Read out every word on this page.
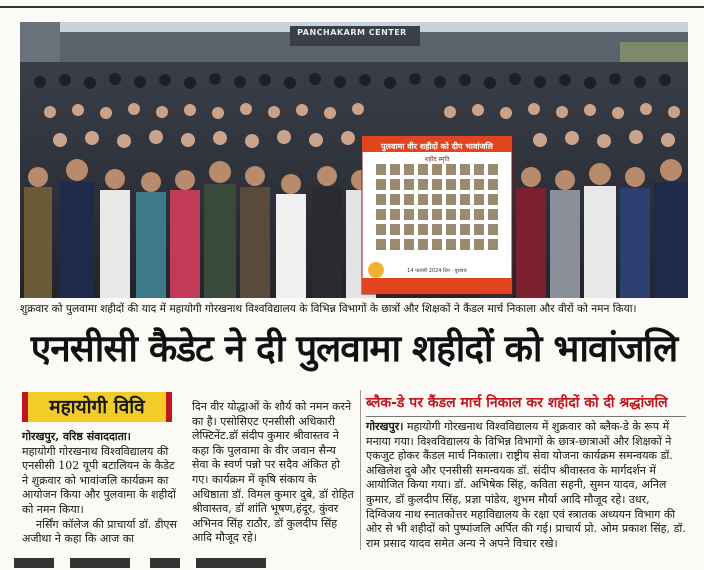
PANCHAKARM CENTER
पुलवामा वीर शहीदों को दीप भावांजलि
शहीद स्मृति
14 फरवरी 2024 दिन - बुधवार
शुक्रवार को पुलवामा शहीदों की याद में महायोगी गोरखनाथ विश्वविद्यालय के विभिन्न विभागों के छात्रों और शिक्षकों ने कैंडल मार्च निकाला और वीरों को नमन किया।
एनसीसी कैडेट ने दी पुलवामा शहीदों को भावांजलि
महायोगी विवि	ब्लैक-डे पर कैंडल मार्च निकाल कर शहीदों को दी श्रद्धांजलि

गोरखपुर, वरिष्ठ संवाददाता।

महायोगी गोरखनाथ विश्वविद्यालय की एनसीसी 102 यूपी बटालियन के कैडेट ने शुक्रवार को भावांजलि कार्यक्रम का आयोजन किया और पुलवामा के शहीदों को नमन किया।

नर्सिंग कॉलेज की प्राचार्या डॉ. डीएस अजीथा ने कहा कि आज का

दिन वीर योद्धाओं के शौर्य को नमन करने का है। एसोसिएट एनसीसी अधिकारी लेफ्टिनेंट.डॉ संदीप कुमार श्रीवास्तव ने कहा कि पुलवामा के वीर जवान सैन्य सेवा के स्वर्ण पन्नो पर सदैव अंकित हो गए। कार्यक्रम में कृषि संकाय के अधिष्ठाता डॉ. विमल कुमार दुबे, डॉ रोहित श्रीवास्तव, डॉ शांति भूषण,हंदूर, कुंवर अभिनव सिंह राठौर, डॉ कुलदीप सिंह आदि मौजूद रहे।

गोरखपुर। महायोगी गोरखनाथ विश्वविद्यालय में शुक्रवार को ब्लैक-डे के रूप में मनाया गया। विश्वविद्यालय के विभिन्न विभागों के छात्र-छात्राओं और शिक्षकों ने एकजुट होकर कैंडल मार्च निकाला। राष्ट्रीय सेवा योजना कार्यक्रम समन्वयक डॉ. अखिलेश दुबे और एनसीसी समन्वयक डॉ. संदीप श्रीवास्तव के मार्गदर्शन में आयोजित किया गया। डॉ. अभिषेक सिंह, कविता सहनी, सुमन यादव, अनिल कुमार, डॉ कुलदीप सिंह, प्रज्ञा पांडेय, शुभम मौर्या आदि मौजूद रहे। उधर, दिग्विजय नाथ स्नातकोत्तर महाविद्यालय के रक्षा एवं स्त्रातक अध्ययन विभाग की ओर से भी शहीदों को पुष्पांजलि अर्पित की गई। प्राचार्य प्रो. ओम प्रकाश सिंह, डॉ. राम प्रसाद यादव समेत अन्य ने अपने विचार रखे।
